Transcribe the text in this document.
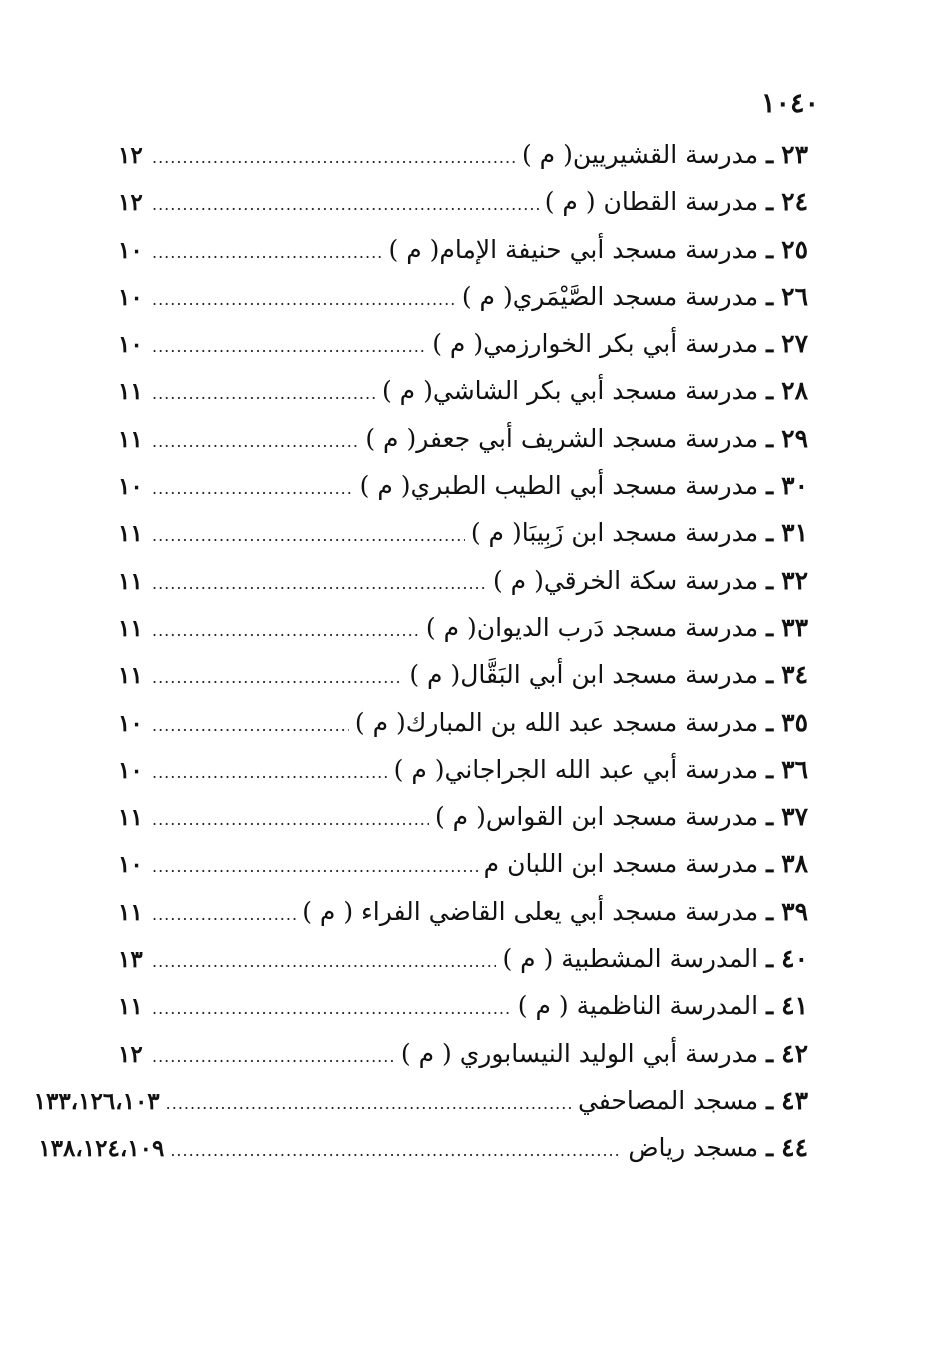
١٠٤٠
٢٣
ـ
مدرسة القشيريين( م )
.....
١٢
٢٤
ـ
مدرسة القطان ( م )
.....
١٢
٢٥
ـ
مدرسة مسجد أبي حنيفة الإمام( م )
.....
١٠
٢٦
ـ
مدرسة مسجد الصَّيْمَري( م )
.....
١٠
٢٧
ـ
مدرسة أبي بكر الخوارزمي( م )
.....
١٠
٢٨
ـ
مدرسة مسجد أبي بكر الشاشي( م )
.....
١١
٢٩
ـ
مدرسة مسجد الشريف أبي جعفر( م )
.....
١١
٣٠
ـ
مدرسة مسجد أبي الطيب الطبري( م )
.....
١٠
٣١
ـ
مدرسة مسجد ابن زَبِيبَا( م )
.....
١١
٣٢
ـ
مدرسة سكة الخرقي( م )
.....
١١
٣٣
ـ
مدرسة مسجد دَرب الديوان( م )
.....
١١
٣٤
ـ
مدرسة مسجد ابن أبي البَقَّال( م )
.....
١١
٣٥
ـ
مدرسة مسجد عبد الله بن المبارك( م )
.....
١٠
٣٦
ـ
مدرسة أبي عبد الله الجراجاني( م )
.....
١٠
٣٧
ـ
مدرسة مسجد ابن القواس( م )
.....
١١
٣٨
ـ
مدرسة مسجد ابن اللبان م
.....
١٠
٣٩
ـ
مدرسة مسجد أبي يعلى القاضي الفراء ( م )
.....
١١
٤٠
ـ
المدرسة المشطبية ( م )
.....
١٣
٤١
ـ
المدرسة الناظمية ( م )
.....
١١
٤٢
ـ
مدرسة أبي الوليد النيسابوري ( م )
.....
١٢
٤٣
ـ
مسجد المصاحفي
.....
١٣٣،١٢٦،١٠٣
٤٤
ـ
مسجد رياض
.....
١٣٨،١٢٤،١٠٩
